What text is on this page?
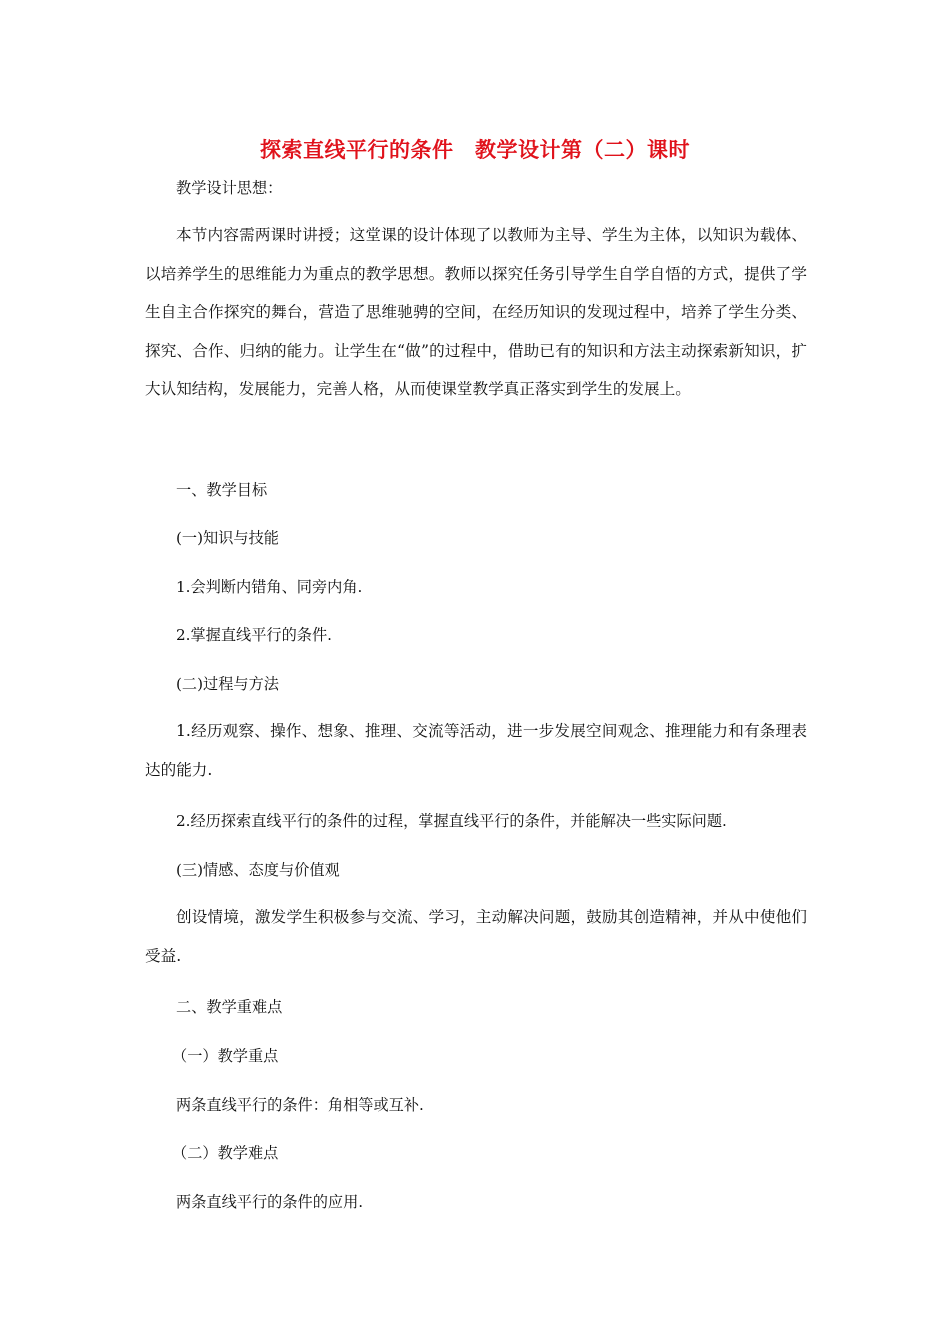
探索直线平行的条件　教学设计第（二）课时
教学设计思想：
本节内容需两课时讲授；这堂课的设计体现了以教师为主导、学生为主体，以知识为载体、以培养学生的思维能力为重点的教学思想。教师以探究任务引导学生自学自悟的方式，提供了学生自主合作探究的舞台，营造了思维驰骋的空间，在经历知识的发现过程中，培养了学生分类、探究、合作、归纳的能力。让学生在“做”的过程中，借助已有的知识和方法主动探索新知识，扩大认知结构，发展能力，完善人格，从而使课堂教学真正落实到学生的发展上。
一、教学目标
(一)知识与技能
1.会判断内错角、同旁内角.
2.掌握直线平行的条件.
(二)过程与方法
1.经历观察、操作、想象、推理、交流等活动，进一步发展空间观念、推理能力和有条理表达的能力.
2.经历探索直线平行的条件的过程，掌握直线平行的条件，并能解决一些实际问题.
(三)情感、态度与价值观
创设情境，激发学生积极参与交流、学习，主动解决问题，鼓励其创造精神，并从中使他们受益.
二、教学重难点
（一）教学重点
两条直线平行的条件：角相等或互补.
（二）教学难点
两条直线平行的条件的应用.
